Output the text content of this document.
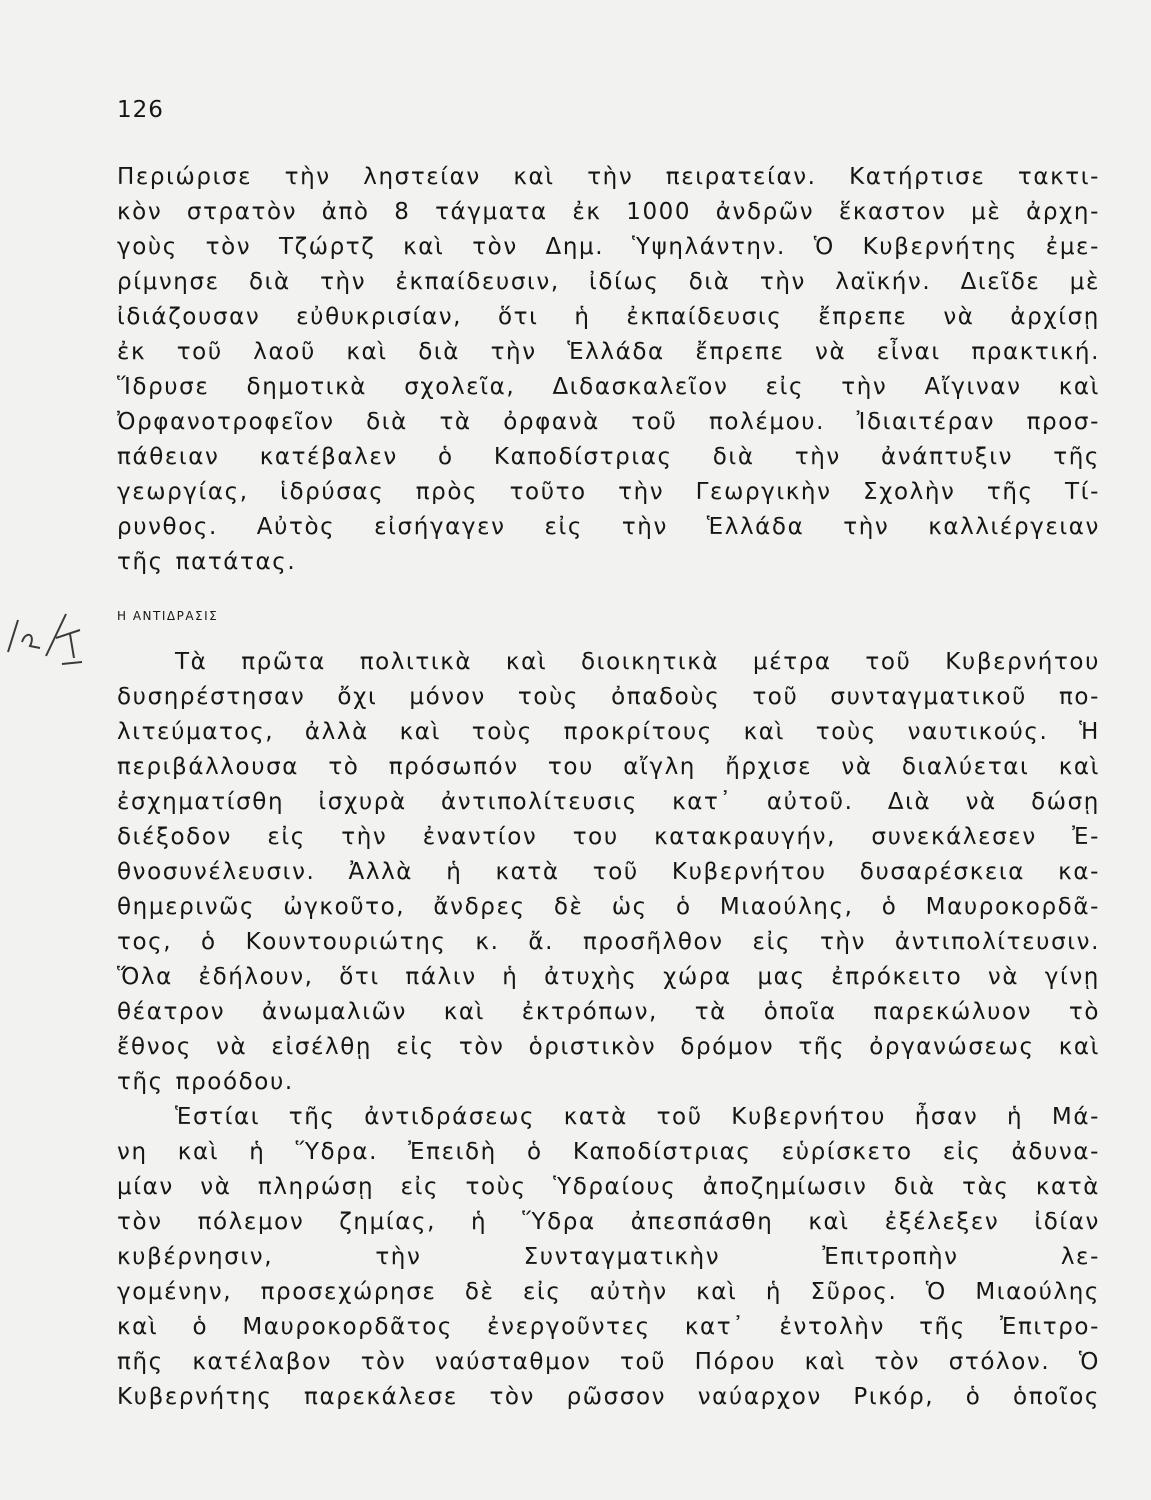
126
Περιώρισε τὴν ληστείαν καὶ τὴν πειρατείαν. Κατήρτισε τακτι-
κὸν στρατὸν ἀπὸ 8 τάγματα ἐκ 1000 ἀνδρῶν ἕκαστον μὲ ἀρχη-
γοὺς τὸν Τζώρτζ καὶ τὸν Δημ. Ὑψηλάντην. Ὁ Κυβερνήτης ἐμε-
ρίμνησε διὰ τὴν ἐκπαίδευσιν, ἰδίως διὰ τὴν λαϊκήν. Διεῖδε μὲ
ἰδιάζουσαν εὐθυκρισίαν, ὅτι ἡ ἐκπαίδευσις ἔπρεπε νὰ ἀρχίσῃ
ἐκ τοῦ λαοῦ καὶ διὰ τὴν Ἑλλάδα ἔπρεπε νὰ εἶναι πρακτική.
Ἵδρυσε δημοτικὰ σχολεῖα, Διδασκαλεῖον εἰς τὴν Αἴγιναν καὶ
Ὀρφανοτροφεῖον διὰ τὰ ὀρφανὰ τοῦ πολέμου. Ἰδιαιτέραν προσ-
πάθειαν κατέβαλεν ὁ Καποδίστριας διὰ τὴν ἀνάπτυξιν τῆς
γεωργίας, ἱδρύσας πρὸς τοῦτο τὴν Γεωργικὴν Σχολὴν τῆς Τί-
ρυνθος. Αὐτὸς εἰσήγαγεν εἰς τὴν Ἑλλάδα τὴν καλλιέργειαν
τῆς πατάτας.
Η ΑΝΤΙΔΡΑΣΙΣ
Τὰ πρῶτα πολιτικὰ καὶ διοικητικὰ μέτρα τοῦ Κυβερνήτου
δυσηρέστησαν ὄχι μόνον τοὺς ὀπαδοὺς τοῦ συνταγματικοῦ πο-
λιτεύματος, ἀλλὰ καὶ τοὺς προκρίτους καὶ τοὺς ναυτικούς. Ἡ
περιβάλλουσα τὸ πρόσωπόν του αἴγλη ἤρχισε νὰ διαλύεται καὶ
ἐσχηματίσθη ἰσχυρὰ ἀντιπολίτευσις κατ᾽ αὐτοῦ. Διὰ νὰ δώσῃ
διέξοδον εἰς τὴν ἐναντίον του κατακραυγήν, συνεκάλεσεν Ἐ-
θνοσυνέλευσιν. Ἀλλὰ ἡ κατὰ τοῦ Κυβερνήτου δυσαρέσκεια κα-
θημερινῶς ὠγκοῦτο, ἄνδρες δὲ ὡς ὁ Μιαούλης, ὁ Μαυροκορδᾶ-
τος, ὁ Κουντουριώτης κ. ἄ. προσῆλθον εἰς τὴν ἀντιπολίτευσιν.
Ὅλα ἐδήλουν, ὅτι πάλιν ἡ ἀτυχὴς χώρα μας ἐπρόκειτο νὰ γίνῃ
θέατρον ἀνωμαλιῶν καὶ ἐκτρόπων, τὰ ὁποῖα παρεκώλυον τὸ
ἔθνος νὰ εἰσέλθῃ εἰς τὸν ὁριστικὸν δρόμον τῆς ὀργανώσεως καὶ
τῆς προόδου.
Ἑστίαι τῆς ἀντιδράσεως κατὰ τοῦ Κυβερνήτου ἦσαν ἡ Μά-
νη καὶ ἡ Ὕδρα. Ἐπειδὴ ὁ Καποδίστριας εὑρίσκετο εἰς ἀδυνα-
μίαν νὰ πληρώσῃ εἰς τοὺς Ὑδραίους ἀποζημίωσιν διὰ τὰς κατὰ
τὸν πόλεμον ζημίας, ἡ Ὕδρα ἀπεσπάσθη καὶ ἐξέλεξεν ἰδίαν
κυβέρνησιν, τὴν Συνταγματικὴν Ἐπιτροπὴν λε-
γομένην, προσεχώρησε δὲ εἰς αὐτὴν καὶ ἡ Σῦρος. Ὁ Μιαούλης
καὶ ὁ Μαυροκορδᾶτος ἐνεργοῦντες κατ᾽ ἐντολὴν τῆς Ἐπιτρο-
πῆς κατέλαβον τὸν ναύσταθμον τοῦ Πόρου καὶ τὸν στόλον. Ὁ
Κυβερνήτης παρεκάλεσε τὸν ρῶσσον ναύαρχον Ρικόρ, ὁ ὁποῖος
